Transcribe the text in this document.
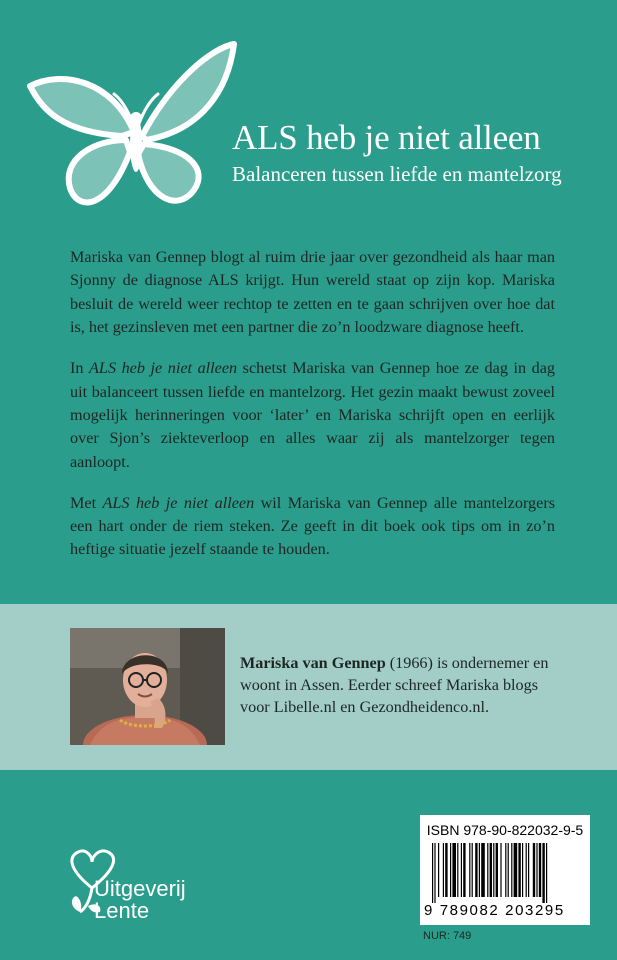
ALS heb je niet alleen
Balanceren tussen liefde en mantelzorg

Mariska van Gennep blogt al ruim drie jaar over gezondheid als haar man Sjonny de diagnose ALS krijgt. Hun wereld staat op zijn kop. Mariska besluit de wereld weer rechtop te zetten en te gaan schrijven over hoe dat is, het gezinsleven met een partner die zo’n loodzware diagnose heeft.

In ALS heb je niet alleen schetst Mariska van Gennep hoe ze dag in dag uit balanceert tussen liefde en mantelzorg. Het gezin maakt bewust zoveel mogelijk herinneringen voor ‘later’ en Mariska schrijft open en eerlijk over Sjon’s ziekteverloop en alles waar zij als mantelzorger tegen aanloopt.

Met ALS heb je niet alleen wil Mariska van Gennep alle mantelzorgers een hart onder de riem steken. Ze geeft in dit boek ook tips om in zo’n heftige situatie jezelf staande te houden.

Mariska van Gennep (1966) is ondernemer en woont in Assen. Eerder schreef Mariska blogs voor Libelle.nl en Gezondheidenco.nl.
Uitgeverij
Lente
ISBN 978-90-822032-9-5
9 789082 203295
NUR: 749
